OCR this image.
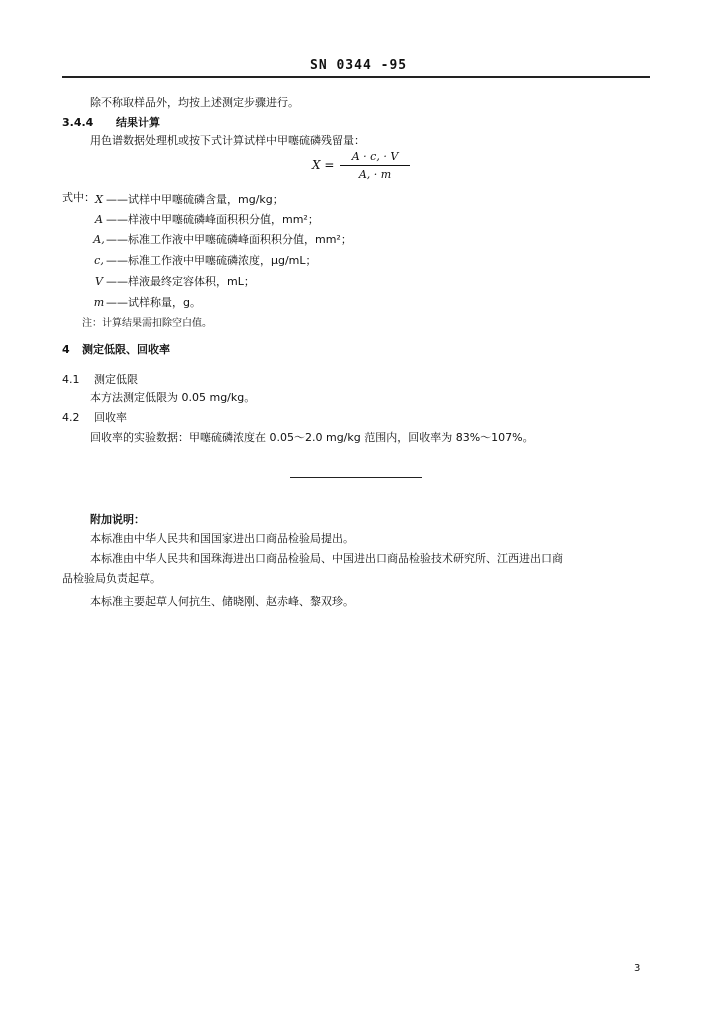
SN 0344 -95
除不称取样品外，均按上述测定步骤进行。
3.4.4 结果计算
用色谱数据处理机或按下式计算试样中甲噻硫磷残留量：
X =
A · c, · V
A, · m
式中： X ——试样中甲噻硫磷含量，mg/kg；
A ——样液中甲噻硫磷峰面积积分值，mm²；
A,——标准工作液中甲噻硫磷峰面积积分值，mm²；
c, ——标准工作液中甲噻硫磷浓度，μg/mL；
V ——样液最终定容体积，mL；
m ——试样称量，g。
注：计算结果需扣除空白值。
4 测定低限、回收率
4.1 测定低限
本方法测定低限为 0.05 mg/kg。
4.2 回收率
回收率的实验数据：甲噻硫磷浓度在 0.05～2.0 mg/kg 范围内，回收率为 83%～107%。
附加说明：
本标准由中华人民共和国国家进出口商品检验局提出。
本标准由中华人民共和国珠海进出口商品检验局、中国进出口商品检验技术研究所、江西进出口商
品检验局负责起草。
本标准主要起草人何抗生、储晓刚、赵赤峰、黎双珍。
3
